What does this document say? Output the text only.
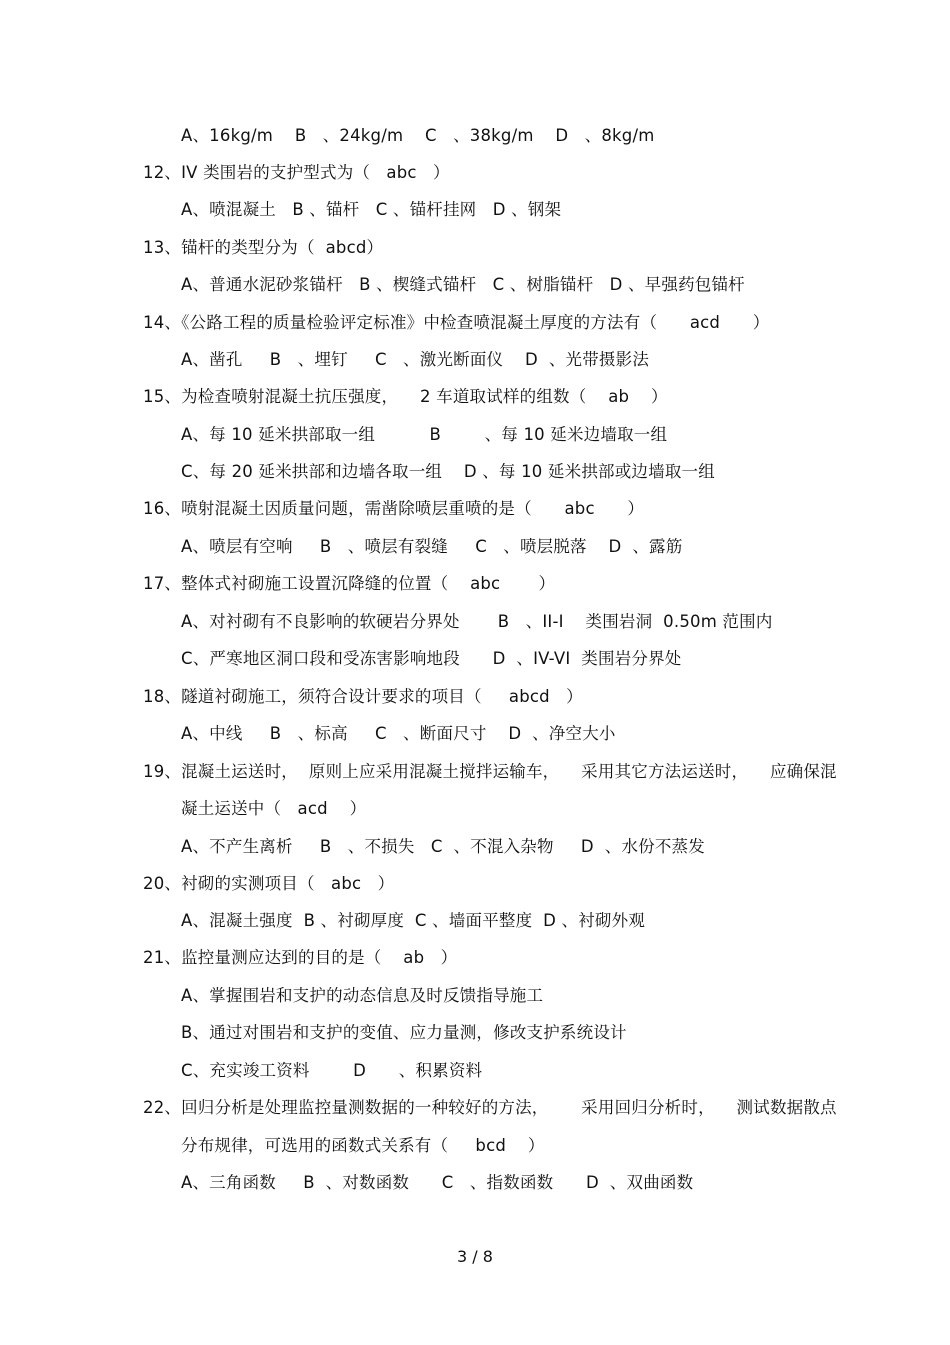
A、16kg/m    B   、24kg/m    C   、38kg/m    D   、8kg/m
12、IV 类围岩的支护型式为（   abc   ）
A、喷混凝土   B 、锚杆   C 、锚杆挂网   D 、钢架
13、锚杆的类型分为（  abcd）
A、普通水泥砂浆锚杆   B 、楔缝式锚杆   C 、树脂锚杆   D 、早强药包锚杆
14、《公路工程的质量检验评定标准》中检查喷混凝土厚度的方法有（      acd      ）
A、凿孔     B   、埋钉     C   、激光断面仪    D  、光带摄影法
15、为检查喷射混凝土抗压强度，    2 车道取试样的组数（    ab    ）
A、每 10 延米拱部取一组          B        、每 10 延米边墙取一组
C、每 20 延米拱部和边墙各取一组    D 、每 10 延米拱部或边墙取一组
16、喷射混凝土因质量问题，需凿除喷层重喷的是（      abc      ）
A、喷层有空响     B   、喷层有裂缝     C   、喷层脱落    D  、露筋
17、整体式衬砌施工设置沉降缝的位置（    abc       ）
A、对衬砌有不良影响的软硬岩分界处       B   、II-I    类围岩洞  0.50m 范围内
C、严寒地区洞口段和受冻害影响地段      D  、IV-VI  类围岩分界处
18、隧道衬砌施工，须符合设计要求的项目（     abcd   ）
A、中线     B   、标高     C   、断面尺寸    D  、净空大小
19、混凝土运送时，  原则上应采用混凝土搅拌运输车，    采用其它方法运送时，    应确保混
凝土运送中（   acd    ）
A、不产生离析     B   、不损失   C  、不混入杂物     D  、水份不蒸发
20、衬砌的实测项目（   abc   ）
A、混凝土强度  B 、衬砌厚度  C 、墙面平整度  D 、衬砌外观
21、监控量测应达到的目的是（    ab   ）
A、掌握围岩和支护的动态信息及时反馈指导施工
B、通过对围岩和支护的变值、应力量测，修改支护系统设计
C、充实竣工资料        D      、积累资料
22、回归分析是处理监控量测数据的一种较好的方法，      采用回归分析时，    测试数据散点
分布规律，可选用的函数式关系有（     bcd    ）
A、三角函数     B  、对数函数      C   、指数函数      D  、双曲函数
3 / 8
